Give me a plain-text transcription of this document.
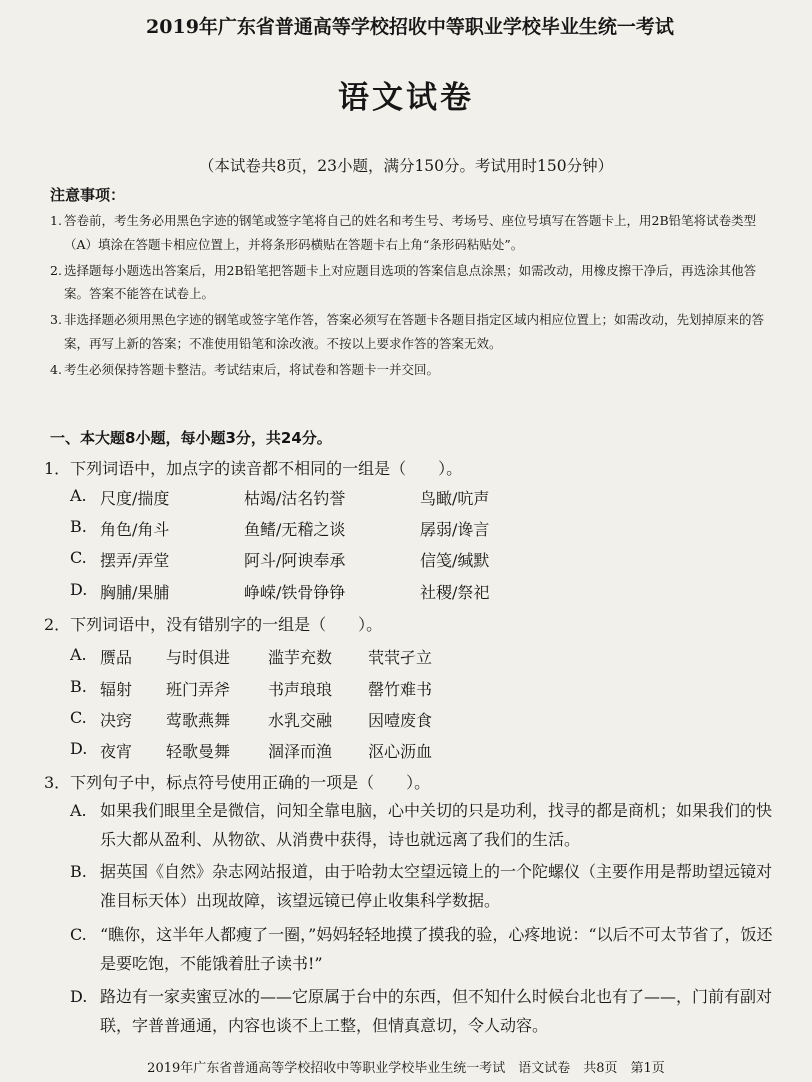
2019年广东省普通高等学校招收中等职业学校毕业生统一考试
语文试卷
（本试卷共8页，23小题，满分150分。考试用时150分钟）
注意事项：
1. 答卷前，考生务必用黑色字迹的钢笔或签字笔将自己的姓名和考生号、考场号、座位号填写在答题卡上，用2B铅笔将试卷类型（A）填涂在答题卡相应位置上，并将条形码横贴在答题卡右上角“条形码粘贴处”。
2. 选择题每小题选出答案后，用2B铅笔把答题卡上对应题目选项的答案信息点涂黑；如需改动，用橡皮擦干净后，再选涂其他答案。答案不能答在试卷上。
3. 非选择题必须用黑色字迹的钢笔或签字笔作答，答案必须写在答题卡各题目指定区域内相应位置上；如需改动，先划掉原来的答案，再写上新的答案；不准使用铅笔和涂改液。不按以上要求作答的答案无效。
4. 考生必须保持答题卡整洁。考试结束后，将试卷和答题卡一并交回。
一、本大题8小题，每小题3分，共24分。
1．下列词语中，加点字的读音都不相同的一组是（　　）。
A. 尺度/揣度	枯竭/沽名钓誉	鸟瞰/吭声
B. 角色/角斗	鱼鳍/无稽之谈	孱弱/谗言
C. 摆弄/弄堂	阿斗/阿谀奉承	信笺/缄默
D. 胸脯/果脯	峥嵘/铁骨铮铮	社稷/祭祀
2．下列词语中，没有错别字的一组是（　　）。
A. 赝品 与时俱进 滥芋充数 茕茕孑立
B. 辐射 班门弄斧 书声琅琅 罄竹难书
C. 决窍 莺歌燕舞 水乳交融 因噎废食
D. 夜宵 轻歌曼舞 涸泽而渔 沤心沥血
3．下列句子中，标点符号使用正确的一项是（　　）。
A. 如果我们眼里全是微信，问知全靠电脑，心中关切的只是功利，找寻的都是商机；如果我们的快乐大都从盈利、从物欲、从消费中获得，诗也就远离了我们的生活。
B. 据英国《自然》杂志网站报道，由于哈勃太空望远镜上的一个陀螺仪（主要作用是帮助望远镜对准目标天体）出现故障，该望远镜已停止收集科学数据。
C. “瞧你，这半年人都瘦了一圈，”妈妈轻轻地摸了摸我的验，心疼地说：“以后不可太节省了，饭还是要吃饱，不能饿着肚子读书!”
D. 路边有一家卖蜜豆冰的——它原属于台中的东西，但不知什么时候台北也有了——，门前有副对联，字普普通通，内容也谈不上工整，但情真意切，令人动容。
2019年广东省普通高等学校招收中等职业学校毕业生统一考试　语文试卷　共8页　第1页
